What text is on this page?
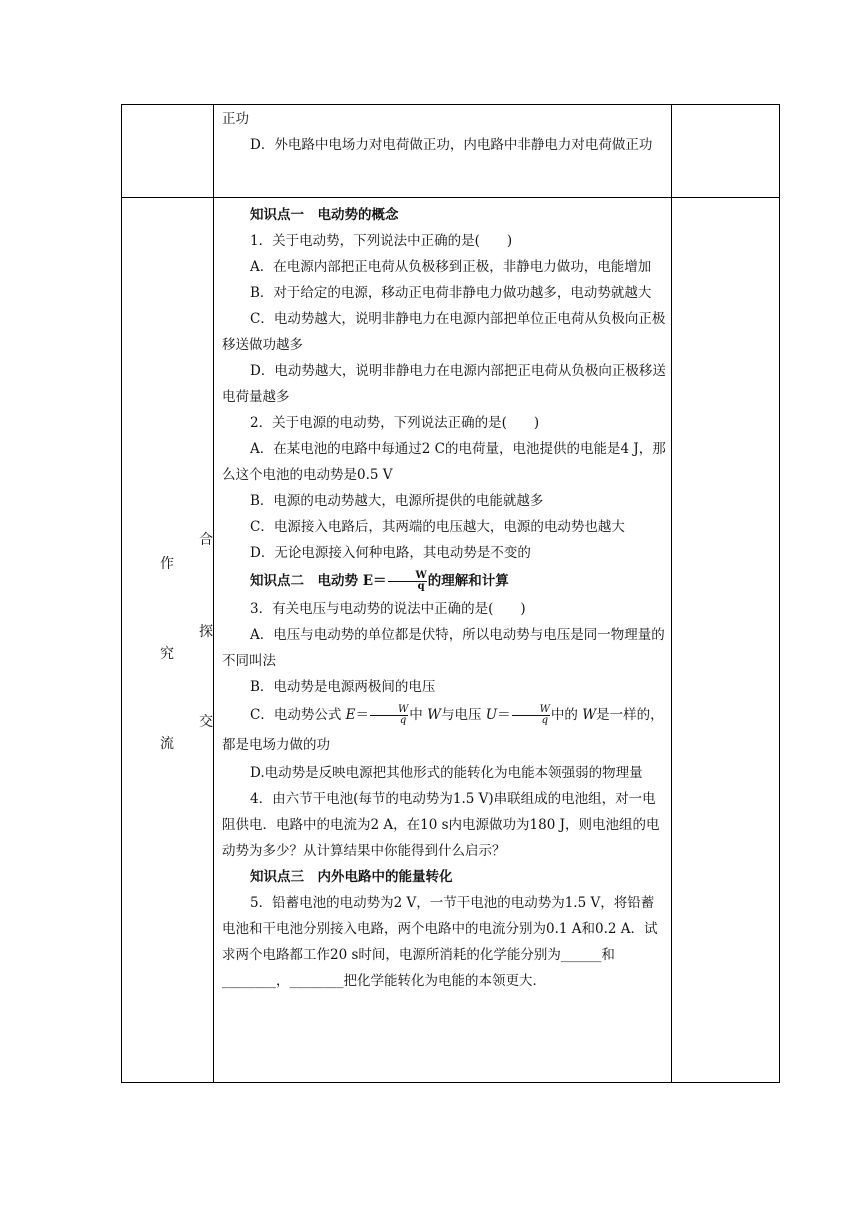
正功

D．外电路中电场力对电荷做正功，内电路中非静电力对电荷做正功

合
作
探
究
交
流

知识点一　电动势的概念

1．关于电动势，下列说法中正确的是(　　)

A．在电源内部把正电荷从负极移到正极，非静电力做功，电能增加

B．对于给定的电源，移动正电荷非静电力做功越多，电动势就越大

C．电动势越大，说明非静电力在电源内部把单位正电荷从负极向正极移送做功越多

D．电动势越大，说明非静电力在电源内部把正电荷从负极向正极移送电荷量越多

2．关于电源的电动势，下列说法正确的是(　　)

A．在某电池的电路中每通过2 C的电荷量，电池提供的电能是4 J，那么这个电池的电动势是0.5 V

B．电源的电动势越大，电源所提供的电能就越多

C．电源接入电路后，其两端的电压越大，电源的电动势也越大

D．无论电源接入何种电路，其电动势是不变的

知识点二　电动势 $E= \frac{W}{q}$ 的理解和计算

3．有关电压与电动势的说法中正确的是(　　)

A．电压与电动势的单位都是伏特，所以电动势与电压是同一物理量的不同叫法

B．电动势是电源两极间的电压

C．电动势公式 $E= \frac{W}{q}$ 中 W与电压 $U= \frac{W}{q}$ 中的 W是一样的，都是电场力做的功

D.电动势是反映电源把其他形式的能转化为电能本领强弱的物理量

4．由六节干电池(每节的电动势为1.5 V)串联组成的电池组，对一电阻供电．电路中的电流为2 A，在10 s内电源做功为180 J，则电池组的电动势为多少？从计算结果中你能得到什么启示？

知识点三　内外电路中的能量转化

5．铅蓄电池的电动势为2 V，一节干电池的电动势为1.5 V，将铅蓄电池和干电池分别接入电路，两个电路中的电流分别为0.1 A和0.2 A．试求两个电路都工作20 s时间，电源所消耗的化学能分别为______和________，________把化学能转化为电能的本领更大．
